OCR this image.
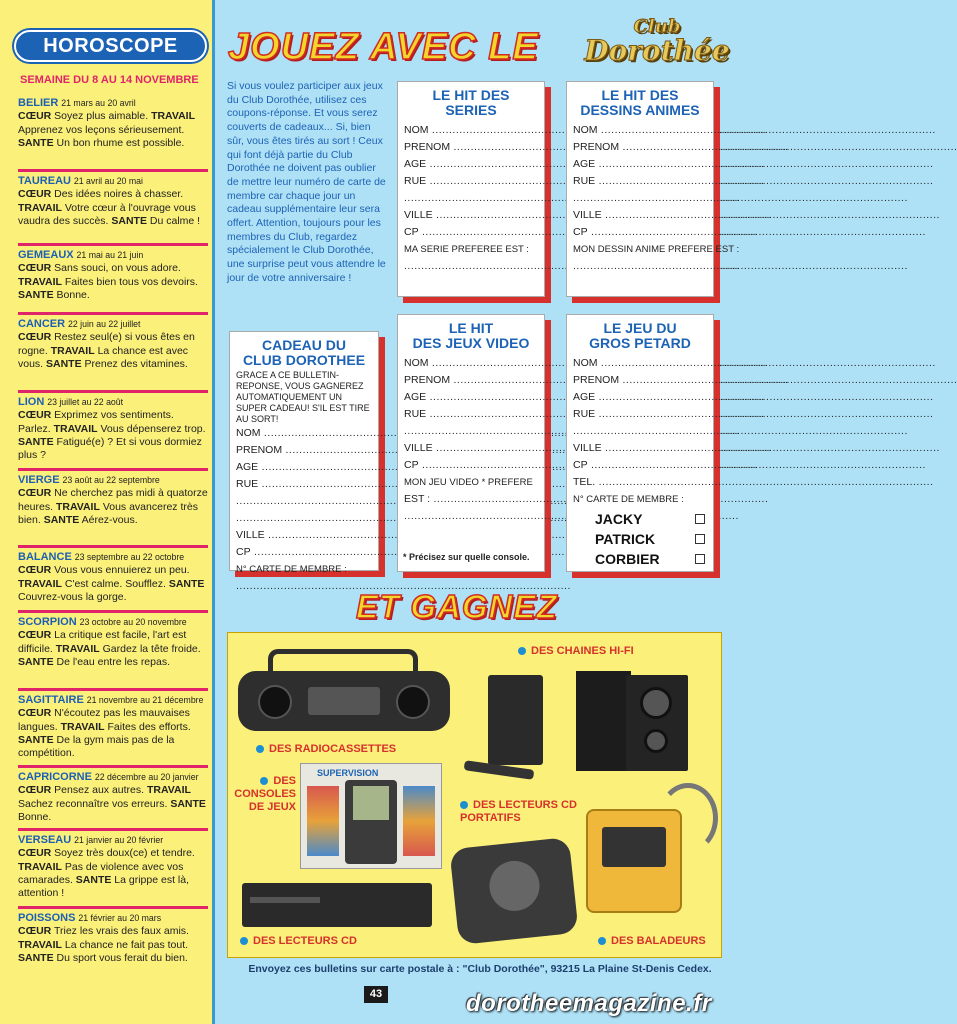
HOROSCOPE
SEMAINE DU 8 AU 14 NOVEMBRE
BELIER 21 mars au 20 avril
CŒUR Soyez plus aimable. TRAVAIL Apprenez vos leçons sérieusement. SANTE Un bon rhume est possible.
TAUREAU 21 avril au 20 mai
CŒUR Des idées noires à chasser. TRAVAIL Votre cœur à l'ouvrage vous vaudra des succès. SANTE Du calme !
GEMEAUX 21 mai au 21 juin
CŒUR Sans souci, on vous adore. TRAVAIL Faites bien tous vos devoirs. SANTE Bonne.
CANCER 22 juin au 22 juillet
CŒUR Restez seul(e) si vous êtes en rogne. TRAVAIL La chance est avec vous. SANTE Prenez des vitamines.
LION 23 juillet au 22 août
CŒUR Exprimez vos sentiments. Parlez. TRAVAIL Vous dépenserez trop. SANTE Fatigué(e) ? Et si vous dormiez plus ?
VIERGE 23 août au 22 septembre
CŒUR Ne cherchez pas midi à quatorze heures. TRAVAIL Vous avancerez très bien. SANTE Aérez-vous.
BALANCE 23 septembre au 22 octobre
CŒUR Vous vous ennuierez un peu. TRAVAIL C'est calme. Soufflez. SANTE Couvrez-vous la gorge.
SCORPION 23 octobre au 20 novembre
CŒUR La critique est facile, l'art est difficile. TRAVAIL Gardez la tête froide. SANTE De l'eau entre les repas.
SAGITTAIRE 21 novembre au 21 décembre
CŒUR N'écoutez pas les mauvaises langues. TRAVAIL Faites des efforts. SANTE De la gym mais pas de la compétition.
CAPRICORNE 22 décembre au 20 janvier
CŒUR Pensez aux autres. TRAVAIL Sachez reconnaître vos erreurs. SANTE Bonne.
VERSEAU 21 janvier au 20 février
CŒUR Soyez très doux(ce) et tendre. TRAVAIL Pas de violence avec vos camarades. SANTE La grippe est là, attention !
POISSONS 21 février au 20 mars
CŒUR Triez les vrais des faux amis. TRAVAIL La chance ne fait pas tout. SANTE Du sport vous ferait du bien.
JOUEZ AVEC LE	Club
Dorothée
Si vous voulez participer aux jeux du Club Dorothée, utilisez ces coupons-réponse. Et vous serez couverts de cadeaux... Si, bien sûr, vous êtes tirés au sort ! Ceux qui font déjà partie du Club Dorothée ne doivent pas oublier de mettre leur numéro de carte de membre car chaque jour un cadeau supplémentaire leur sera offert. Attention, toujours pour les membres du Club, regardez spécialement le Club Dorothée, une surprise peut vous attendre le jour de votre anniversaire !
LE HIT DES
SERIES
NOM .....
PRENOM .....
AGE .....
RUE .....
.....
VILLE .....
CP .....
MA SERIE PREFEREE EST :
.....
LE HIT DES
DESSINS ANIMES
NOM .....
PRENOM .....
AGE .....
RUE .....
.....
VILLE .....
CP .....
MON DESSIN ANIME PREFERE EST :
.....
CADEAU DU
CLUB DOROTHEE
GRACE A CE BULLETIN-REPONSE, VOUS GAGNEREZ AUTOMATIQUEMENT UN SUPER CADEAU! S'IL EST TIRE AU SORT!
NOM .....
PRENOM .....
AGE .....
RUE .....
.....
.....
VILLE .....
CP .....
N° CARTE DE MEMBRE :
.....
LE HIT
DES JEUX VIDEO
NOM .....
PRENOM .....
AGE .....
RUE .....
.....
VILLE .....
CP .....
MON JEU VIDEO * PREFERE
EST : .....
.....
* Précisez sur quelle console.
LE JEU DU
GROS PETARD
NOM .....
PRENOM .....
AGE .....
RUE .....
.....
VILLE .....
CP .....
TEL. .....
N° CARTE DE MEMBRE :
JACKY
PATRICK
CORBIER
ET GAGNEZ
DES CHAINES HI-FI
DES RADIOCASSETTES
DES CONSOLES DE JEUX
SUPERVISION
DES LECTEURS CD PORTATIFS
DES BALADEURS
DES LECTEURS CD
Envoyez ces bulletins sur carte postale à : "Club Dorothée", 93215 La Plaine St-Denis Cedex.
43	dorotheemagazine.fr
